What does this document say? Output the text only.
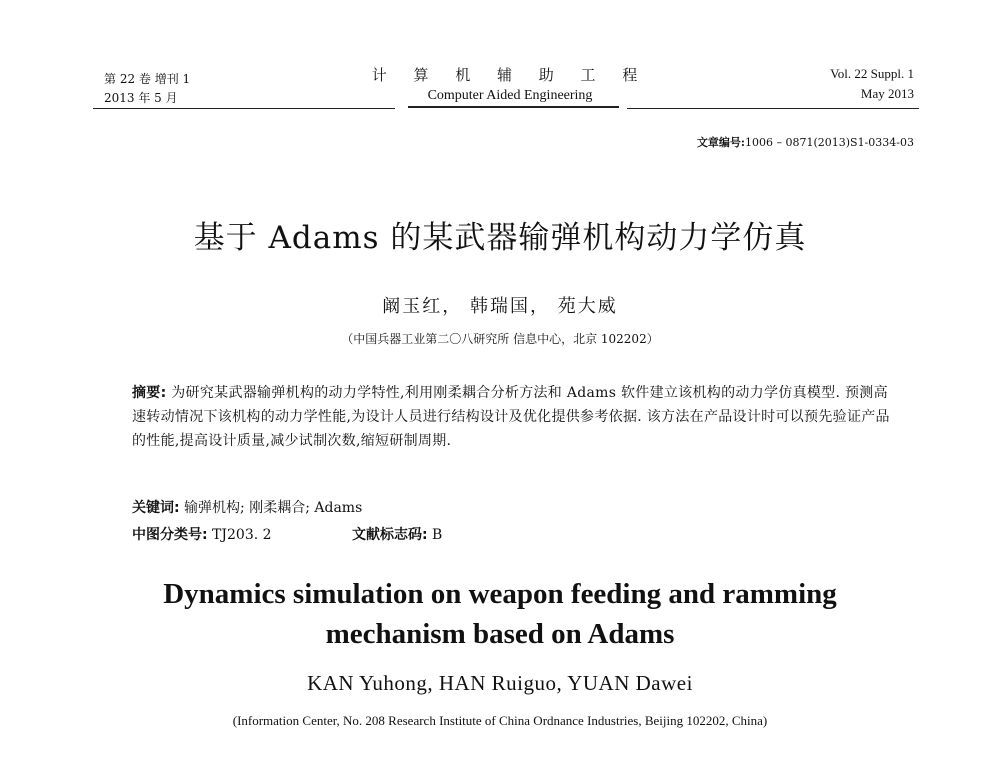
第 22 卷 增刊 1
2013 年 5 月
计 算 机 辅 助 工 程
Computer Aided Engineering
Vol. 22 Suppl. 1
May 2013
文章编号:1006 – 0871(2013)S1-0334-03
基于 Adams 的某武器输弹机构动力学仿真
阚玉红， 韩瑞国， 苑大威
（中国兵器工业第二〇八研究所 信息中心，北京 102202）
摘要: 为研究某武器输弹机构的动力学特性,利用刚柔耦合分析方法和 Adams 软件建立该机构的动力学仿真模型. 预测高速转动情况下该机构的动力学性能,为设计人员进行结构设计及优化提供参考依据. 该方法在产品设计时可以预先验证产品的性能,提高设计质量,减少试制次数,缩短研制周期.
关键词: 输弹机构; 刚柔耦合; Adams
中图分类号: TJ203. 2	文献标志码: B
Dynamics simulation on weapon feeding and ramming
mechanism based on Adams
KAN Yuhong, HAN Ruiguo, YUAN Dawei
(Information Center, No. 208 Research Institute of China Ordnance Industries, Beijing 102202, China)
